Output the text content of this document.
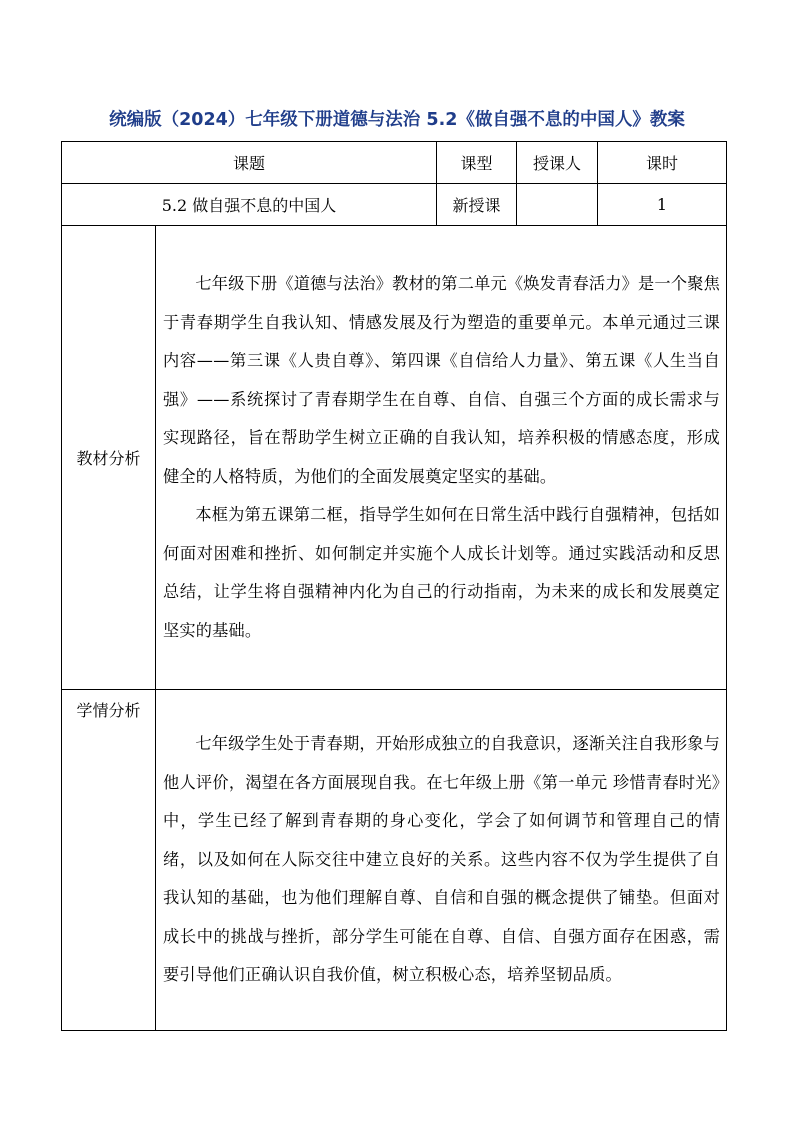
统编版（2024）七年级下册道德与法治 5.2《做自强不息的中国人》教案
课题		课型	授课人	课时
5.2 做自强不息的中国人		新授课		1
教材分析	七年级下册《道德与法治》教材的第二单元《焕发青春活力》是一个聚焦于青春期学生自我认知、情感发展及行为塑造的重要单元。本单元通过三课内容——第三课《人贵自尊》、第四课《自信给人力量》、第五课《人生当自强》——系统探讨了青春期学生在自尊、自信、自强三个方面的成长需求与实现路径，旨在帮助学生树立正确的自我认知，培养积极的情感态度，形成健全的人格特质，为他们的全面发展奠定坚实的基础。

本框为第五课第二框，指导学生如何在日常生活中践行自强精神，包括如何面对困难和挫折、如何制定并实施个人成长计划等。通过实践活动和反思总结，让学生将自强精神内化为自己的行动指南，为未来的成长和发展奠定坚实的基础。			

学情分析	七年级学生处于青春期，开始形成独立的自我意识，逐渐关注自我形象与他人评价，渴望在各方面展现自我。在七年级上册《第一单元 珍惜青春时光》中，学生已经了解到青春期的身心变化，学会了如何调节和管理自己的情绪，以及如何在人际交往中建立良好的关系。这些内容不仅为学生提供了自我认知的基础，也为他们理解自尊、自信和自强的概念提供了铺垫。但面对成长中的挑战与挫折，部分学生可能在自尊、自信、自强方面存在困惑，需要引导他们正确认识自我价值，树立积极心态，培养坚韧品质。			
